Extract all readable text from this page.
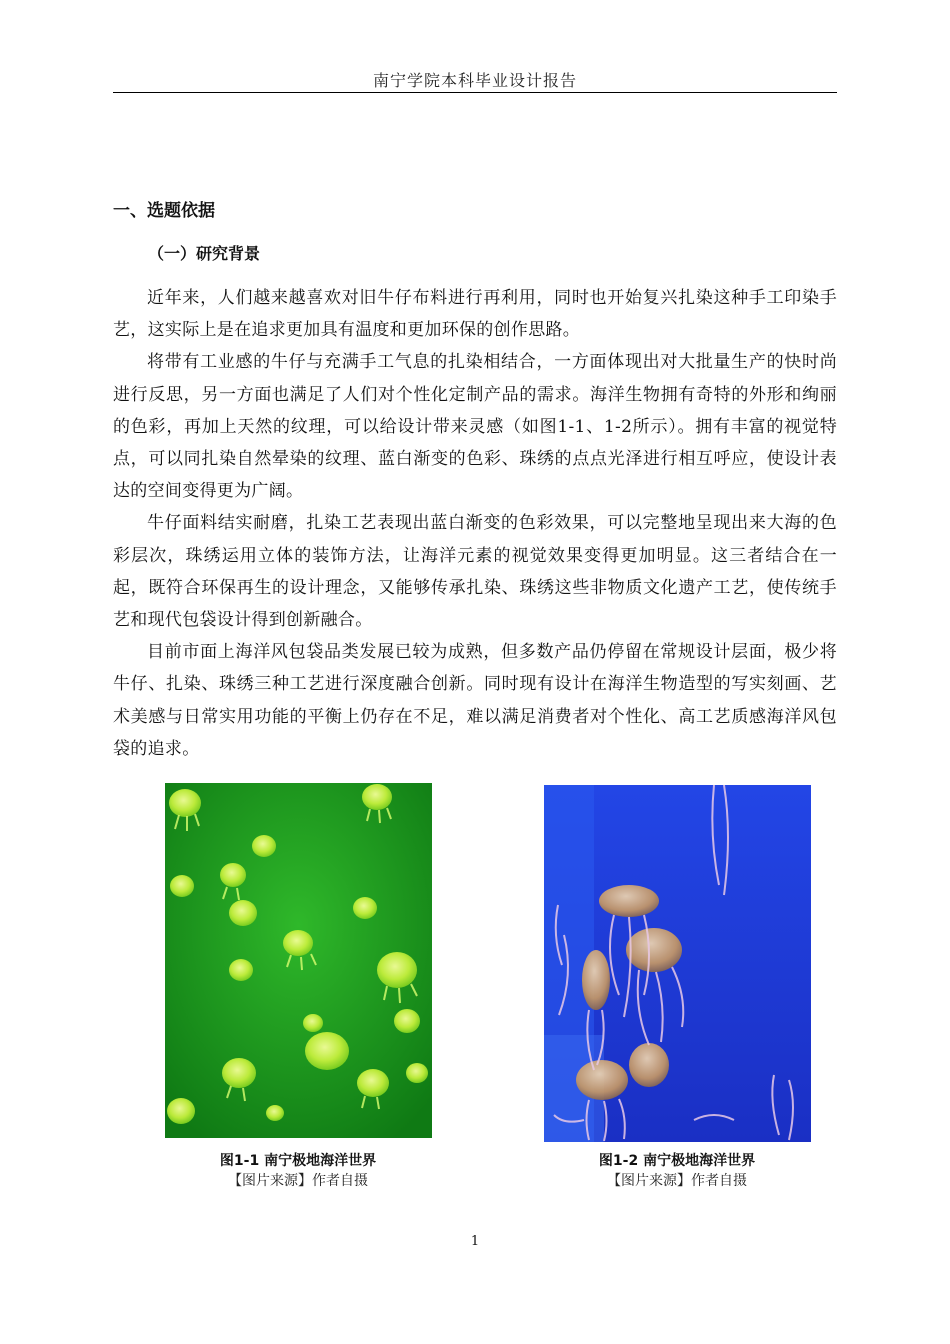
南宁学院本科毕业设计报告
一、选题依据
（一）研究背景

近年来，人们越来越喜欢对旧牛仔布料进行再利用，同时也开始复兴扎染这种手工印染手艺，这实际上是在追求更加具有温度和更加环保的创作思路。

将带有工业感的牛仔与充满手工气息的扎染相结合，一方面体现出对大批量生产的快时尚进行反思，另一方面也满足了人们对个性化定制产品的需求。海洋生物拥有奇特的外形和绚丽的色彩，再加上天然的纹理，可以给设计带来灵感（如图1-1、1-2所示）。拥有丰富的视觉特点，可以同扎染自然晕染的纹理、蓝白渐变的色彩、珠绣的点点光泽进行相互呼应，使设计表达的空间变得更为广阔。

牛仔面料结实耐磨，扎染工艺表现出蓝白渐变的色彩效果，可以完整地呈现出来大海的色彩层次，珠绣运用立体的装饰方法，让海洋元素的视觉效果变得更加明显。这三者结合在一起，既符合环保再生的设计理念，又能够传承扎染、珠绣这些非物质文化遗产工艺，使传统手艺和现代包袋设计得到创新融合。

目前市面上海洋风包袋品类发展已较为成熟，但多数产品仍停留在常规设计层面，极少将牛仔、扎染、珠绣三种工艺进行深度融合创新。同时现有设计在海洋生物造型的写实刻画、艺术美感与日常实用功能的平衡上仍存在不足，难以满足消费者对个性化、高工艺质感海洋风包袋的追求。

图1-1 南宁极地海洋世界
【图片来源】作者自摄
图1-2 南宁极地海洋世界
【图片来源】作者自摄
1
